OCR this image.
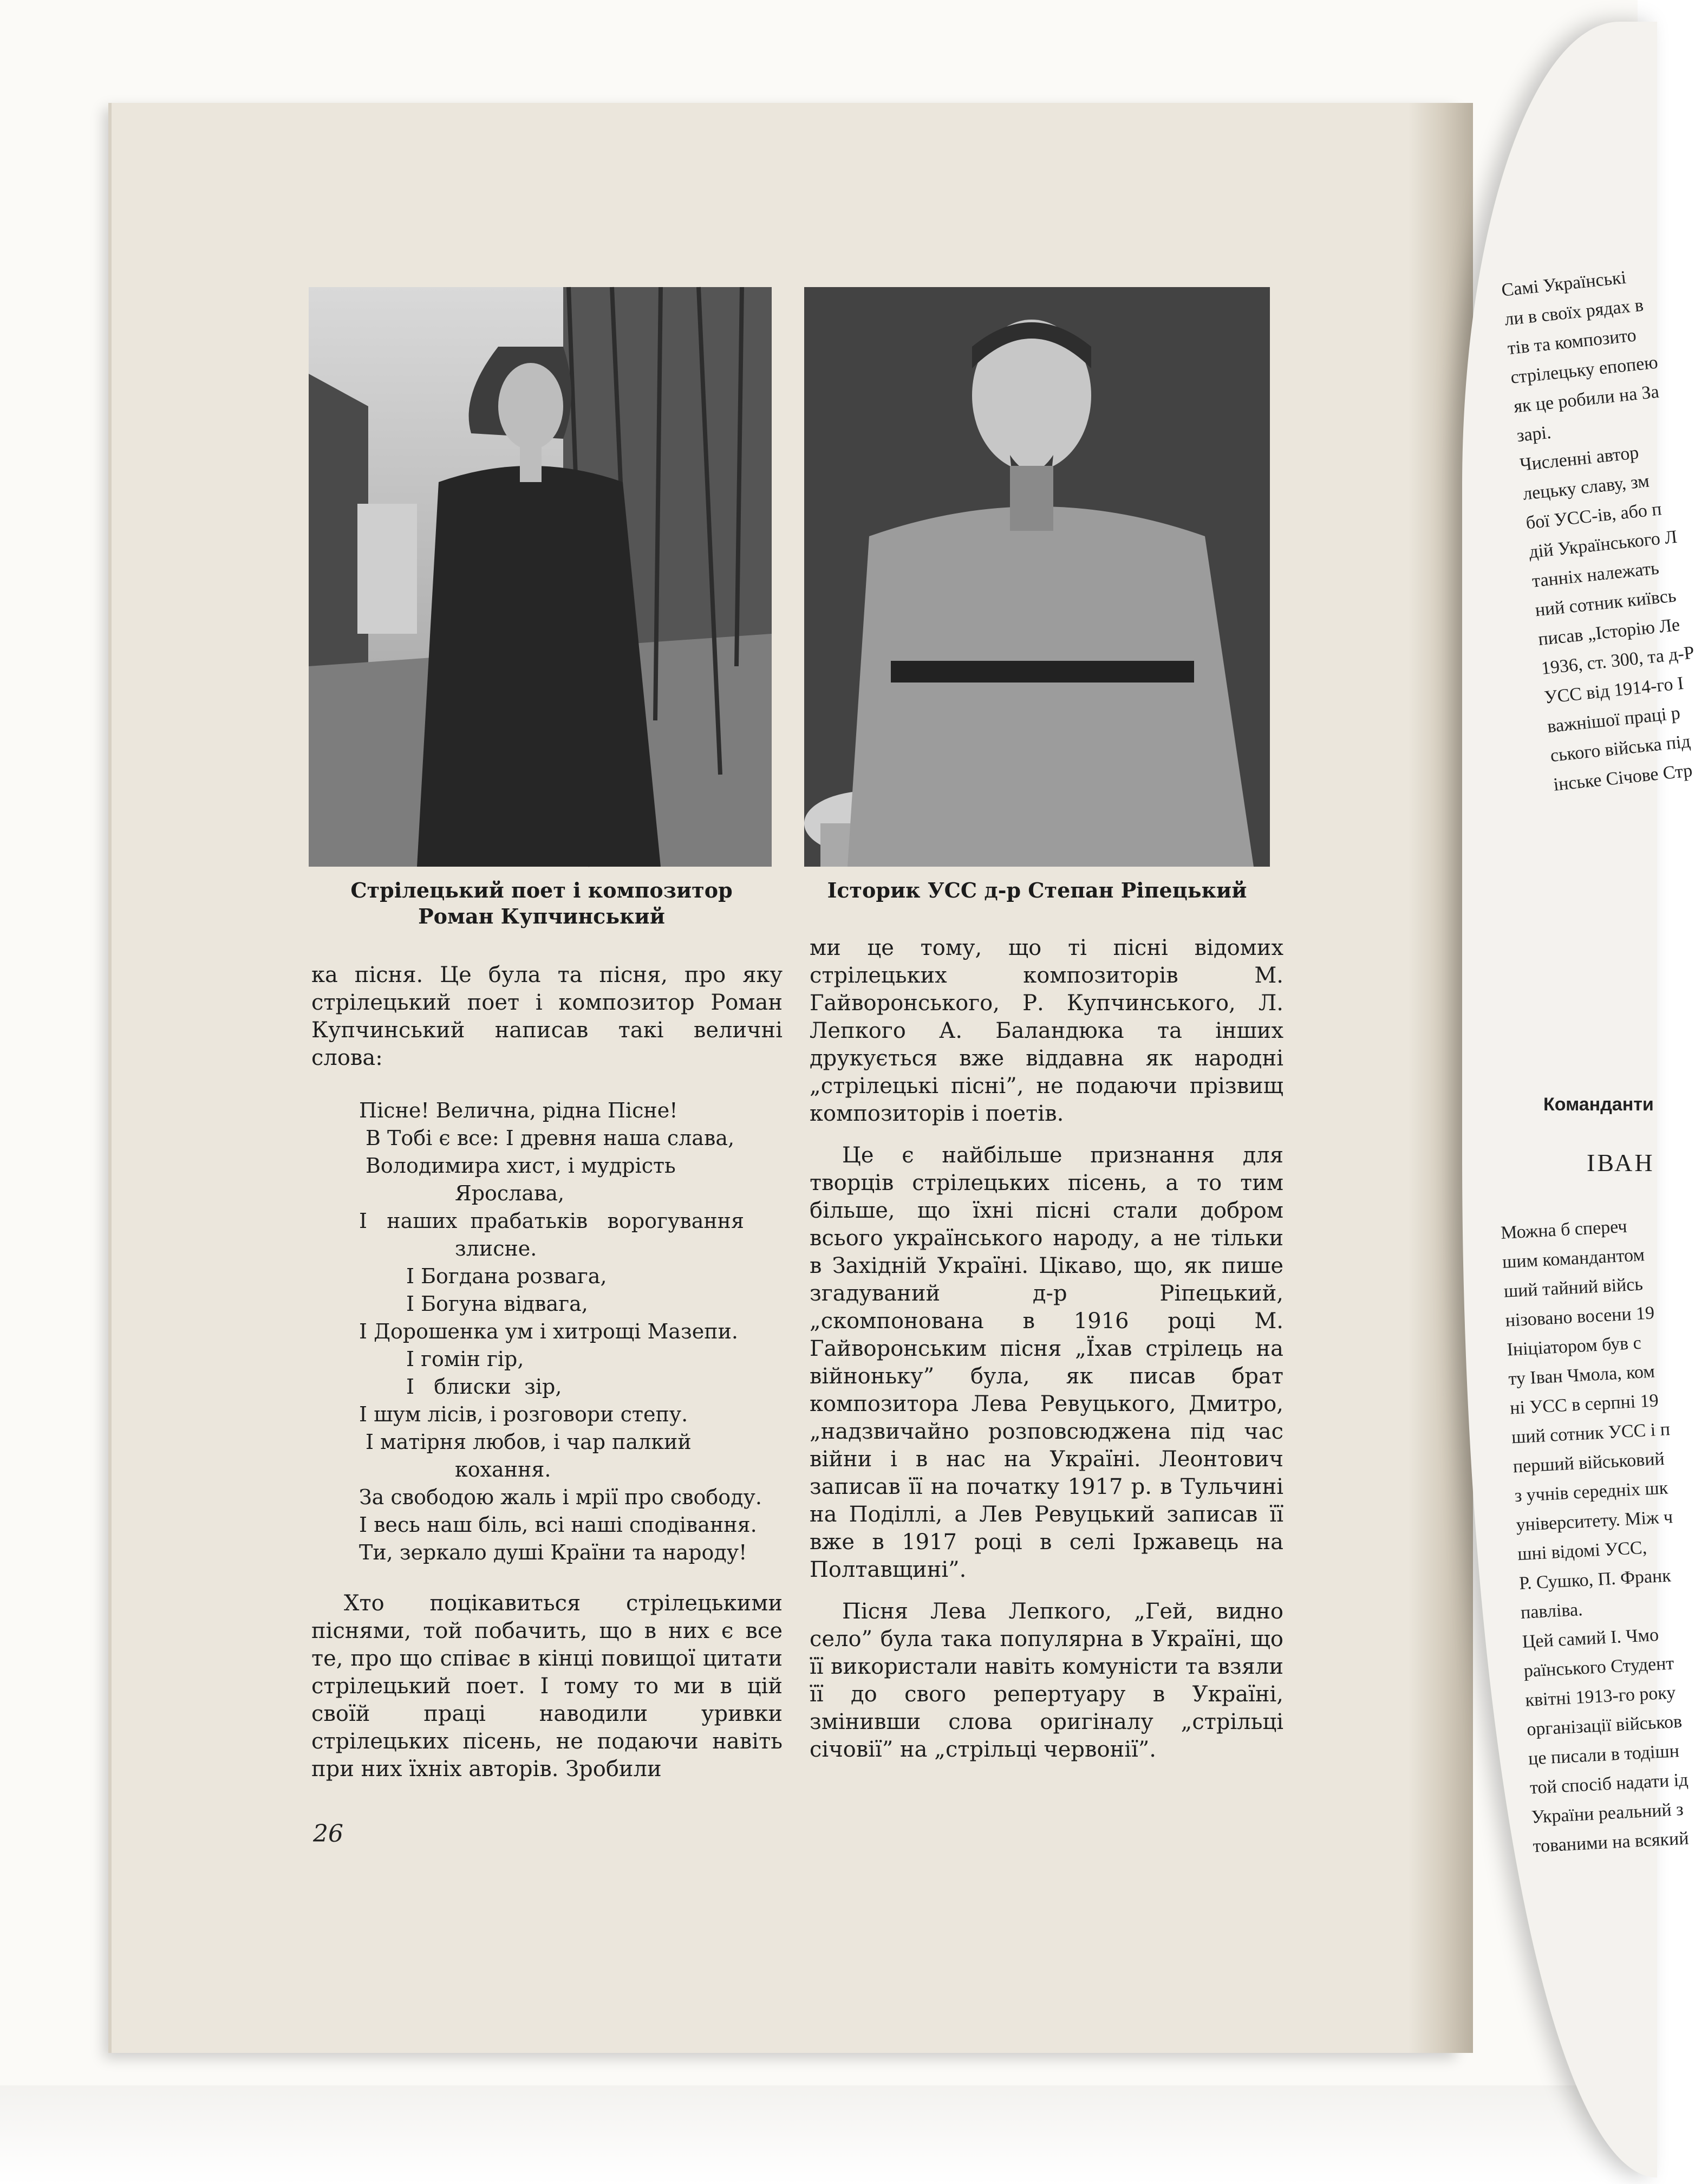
Стрілецький поет і композитор
Роман Купчинський
Історик УСС д-р Степан Ріпецький

ка пісня. Це була та пісня, про яку стрілецький поет і композитор Роман Купчинський написав такі величні слова:

Пісне! Велична, рідна Пісне!
В Тобі є все: І древня наша слава,
Володимира хист, і мудрість
Ярослава,
І   нашиx  прабатьків   ворогування
злисне.
І Богдана розвага,
І Богуна відвага,
І Дорошенка ум і хитрощі Мазепи.
І гомін гір,
І   блиски  зір,
І шум лісів, і розговори степу.
І матірня любов, і чар палкий
кохання.
За свободою жаль і мрії про свободу.
І весь наш біль, всі наші сподівання.
Ти, зеркало душі Країни та народу!

Хто поцікавиться стрілецькими піснями, той побачить, що в них є все те, про що співає в кінці повищої цитати стрілецький поет. І тому то ми в цій своїй праці наводили уривки стрілецьких пісень, не подаючи навіть при них їхніх авторів. Зробили

ми це тому, що ті пісні відомих стрілецьких композиторів М. Гайворонського, Р. Купчинського, Л. Лепкого А. Баландюка та інших друкується вже віддавна як народні „стрілецькі пісні”, не подаючи прізвищ композиторів і поетів.

Це є найбільше признання для творців стрілецьких пісень, а то тим більше, що їхні пісні стали добром всього українського народу, а не тільки в Західній Україні. Цікаво, що, як пише згадуваний д-р Ріпецький, „скомпонована в 1916 році М. Гайворонським пісня „Їхав стрілець на війноньку” була, як писав брат композитора Лева Ревуцького, Дмитро, „надзвичайно розповсюджена під час війни і в нас на Україні. Леонтович записав її на початку 1917 р. в Тульчині на Поділлі, а Лев Ревуцький записав її вже в 1917 році в селі Іржавець на Полтавщині”.

Пісня Лева Лепкого, „Гей, видно село” була така популярна в Україні, що її використали навіть комуністи та взяли її до свого репертуару в Україні, змінивши слова оригіналу „стрільці січовії” на „стрільці червонії”.

26

Самі Українські

ли в своїх рядах в

тів та композито

стрілецьку епопею

як це робили на За

зарі.

Численні автор

лецьку славу, зм

бої УСС-ів, або п

дій Українського Л

танніх належать

ний сотник київсь

писав „Історію Ле

1936, ст. 300, та д-Р

УСС від 1914-го І

важнішої праці р

ського війська під

інське Січове Стр

Команданти
ІВАН

Можна б спереч

шим командантом

ший тайний війсь

нізовано восени 19

Ініціатором був с

ту Іван Чмола, ком

ні УСС в серпні 19

ший сотник УСС і п

перший військовий

з учнів середніх шк

університету. Між ч

шні відомі УСС,

Р. Сушко, П. Франк

павліва.

Цей самий І. Чмо

раїнського Студент

квітні 1913-го року

організації військов

це писали в тодішн

той спосіб надати ід

України реальний з

тованими на всякий
